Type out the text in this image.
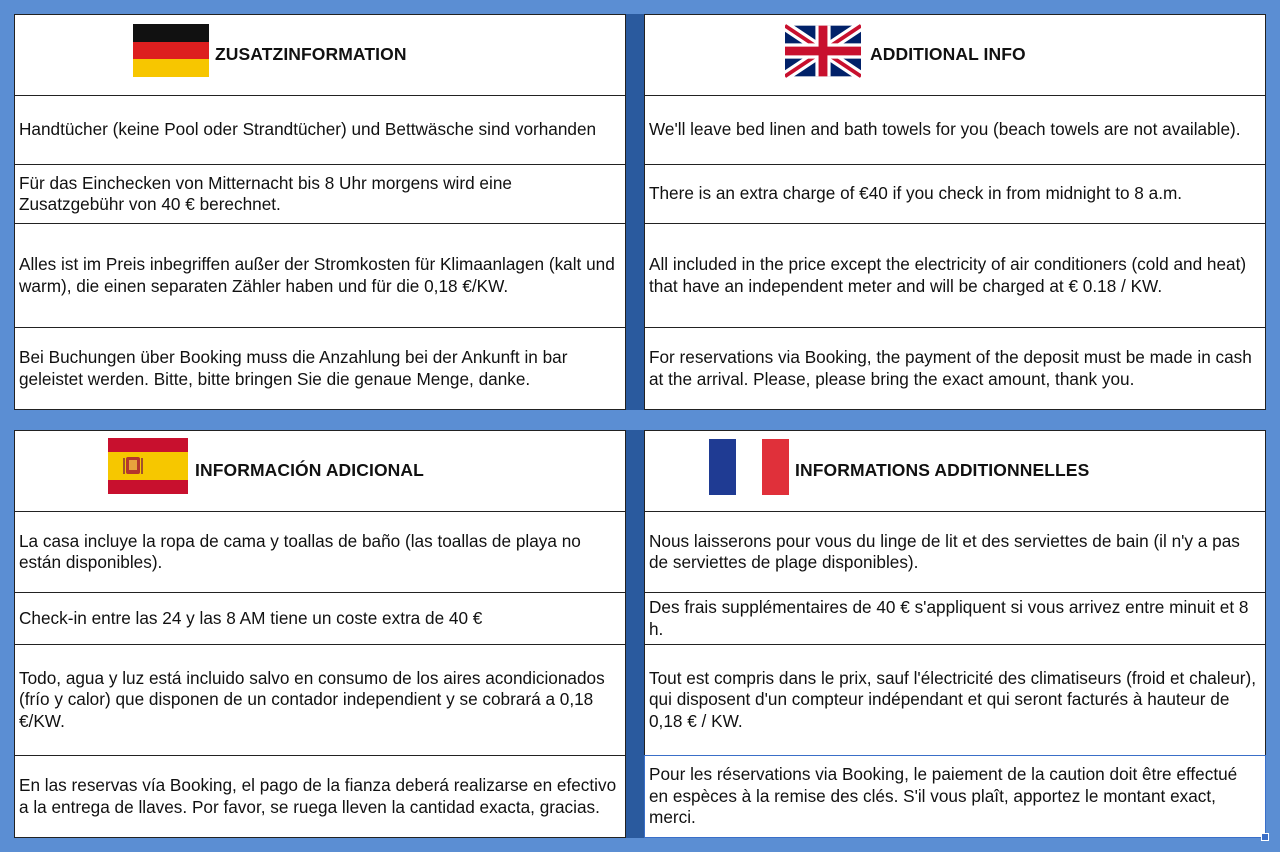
ZUSATZINFORMATION
Handtücher (keine Pool oder Strandtücher) und Bettwäsche sind vorhanden
Für das Einchecken von Mitternacht bis 8 Uhr morgens wird eine Zusatzgebühr von 40 € berechnet.
Alles ist im Preis inbegriffen außer der Stromkosten für Klimaanlagen (kalt und warm), die einen separaten Zähler haben und für die 0,18 €/KW.
Bei Buchungen über Booking muss die Anzahlung bei der Ankunft in bar geleistet werden. Bitte, bitte bringen Sie die genaue Menge, danke.
ADDITIONAL INFO
We'll leave bed linen and bath towels for you (beach towels are not available).
There is an extra charge of €40 if you check in from midnight to 8 a.m.
All included in the price except the electricity of air conditioners (cold and heat) that have an independent meter and will be charged at € 0.18 / KW.
For reservations via Booking, the payment of the deposit must be made in cash at the arrival. Please, please bring the exact amount, thank you.
INFORMACIÓN ADICIONAL
La casa incluye la ropa de cama y toallas de baño (las toallas de playa no están disponibles).
Check-in entre las 24 y las 8 AM tiene un coste extra de 40 €
Todo, agua y luz está incluido salvo en consumo de los aires acondicionados (frío y calor) que disponen de un contador independient y se cobrará a 0,18 €/KW.
En las reservas vía Booking, el pago de la fianza deberá realizarse en efectivo a la entrega de llaves. Por favor, se ruega lleven la cantidad exacta, gracias.
INFORMATIONS ADDITIONNELLES
Nous laisserons pour vous du linge de lit et des serviettes de bain (il n'y a pas de serviettes de plage disponibles).
Des frais supplémentaires de 40 € s'appliquent si vous arrivez entre minuit et 8 h.
Tout est compris dans le prix, sauf l'électricité des climatiseurs (froid et chaleur), qui disposent d'un compteur indépendant et qui seront facturés à hauteur de 0,18 € / KW.
Pour les réservations via Booking, le paiement de la caution doit être effectué en espèces à la remise des clés. S'il vous plaît, apportez le montant exact, merci.
